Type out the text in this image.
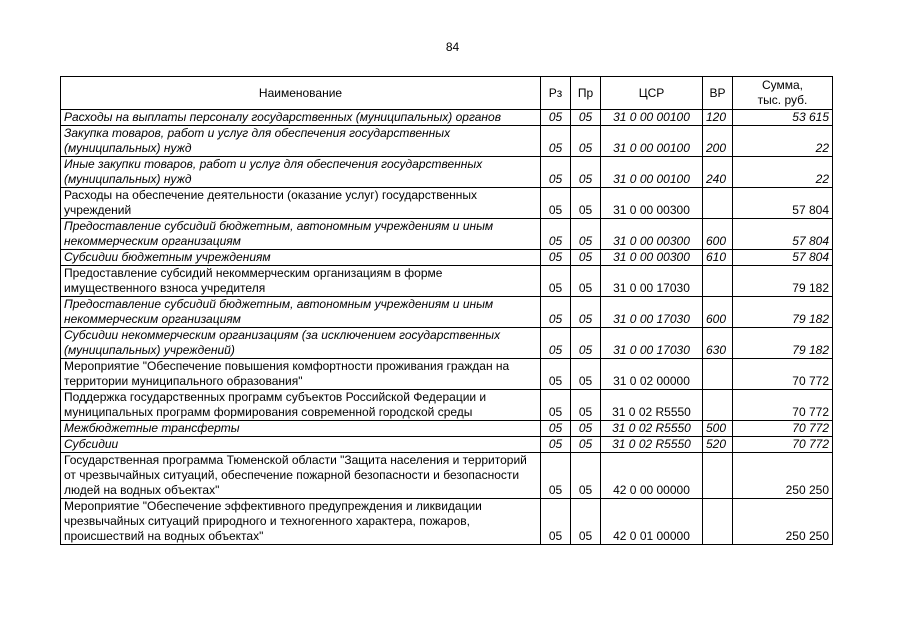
84
Наименование	Рз	Пр	ЦСР	ВР	Сумма,
тыс. руб.

Расходы на выплаты персоналу государственных (муниципальных) органов	05	05	31 0 00 00100	120	53 615
Закупка товаров, работ и услуг для обеспечения государственных (муниципальных) нужд	05	05	31 0 00 00100	200	22
Иные закупки товаров, работ и услуг для обеспечения государственных (муниципальных) нужд	05	05	31 0 00 00100	240	22
Расходы на обеспечение деятельности (оказание услуг) государственных учреждений	05	05	31 0 00 00300		57 804
Предоставление субсидий бюджетным, автономным учреждениям и иным некоммерческим организациям	05	05	31 0 00 00300	600	57 804
Субсидии бюджетным учреждениям	05	05	31 0 00 00300	610	57 804
Предоставление субсидий некоммерческим организациям в форме имущественного взноса учредителя	05	05	31 0 00 17030		79 182
Предоставление субсидий бюджетным, автономным учреждениям и иным некоммерческим организациям	05	05	31 0 00 17030	600	79 182
Субсидии некоммерческим организациям (за исключением государственных (муниципальных) учреждений)	05	05	31 0 00 17030	630	79 182
Мероприятие "Обеспечение повышения комфортности проживания граждан на территории муниципального образования"	05	05	31 0 02 00000		70 772
Поддержка государственных программ субъектов Российской Федерации и муниципальных программ формирования современной городской среды	05	05	31 0 02 R5550		70 772
Межбюджетные трансферты	05	05	31 0 02 R5550	500	70 772
Субсидии	05	05	31 0 02 R5550	520	70 772
Государственная программа Тюменской области "Защита населения и территорий от чрезвычайных ситуаций, обеспечение пожарной безопасности и безопасности людей на водных объектах"	05	05	42 0 00 00000		250 250
Мероприятие "Обеспечение эффективного предупреждения и ликвидации чрезвычайных ситуаций природного и техногенного характера, пожаров, происшествий на водных объектах"	05	05	42 0 01 00000		250 250
